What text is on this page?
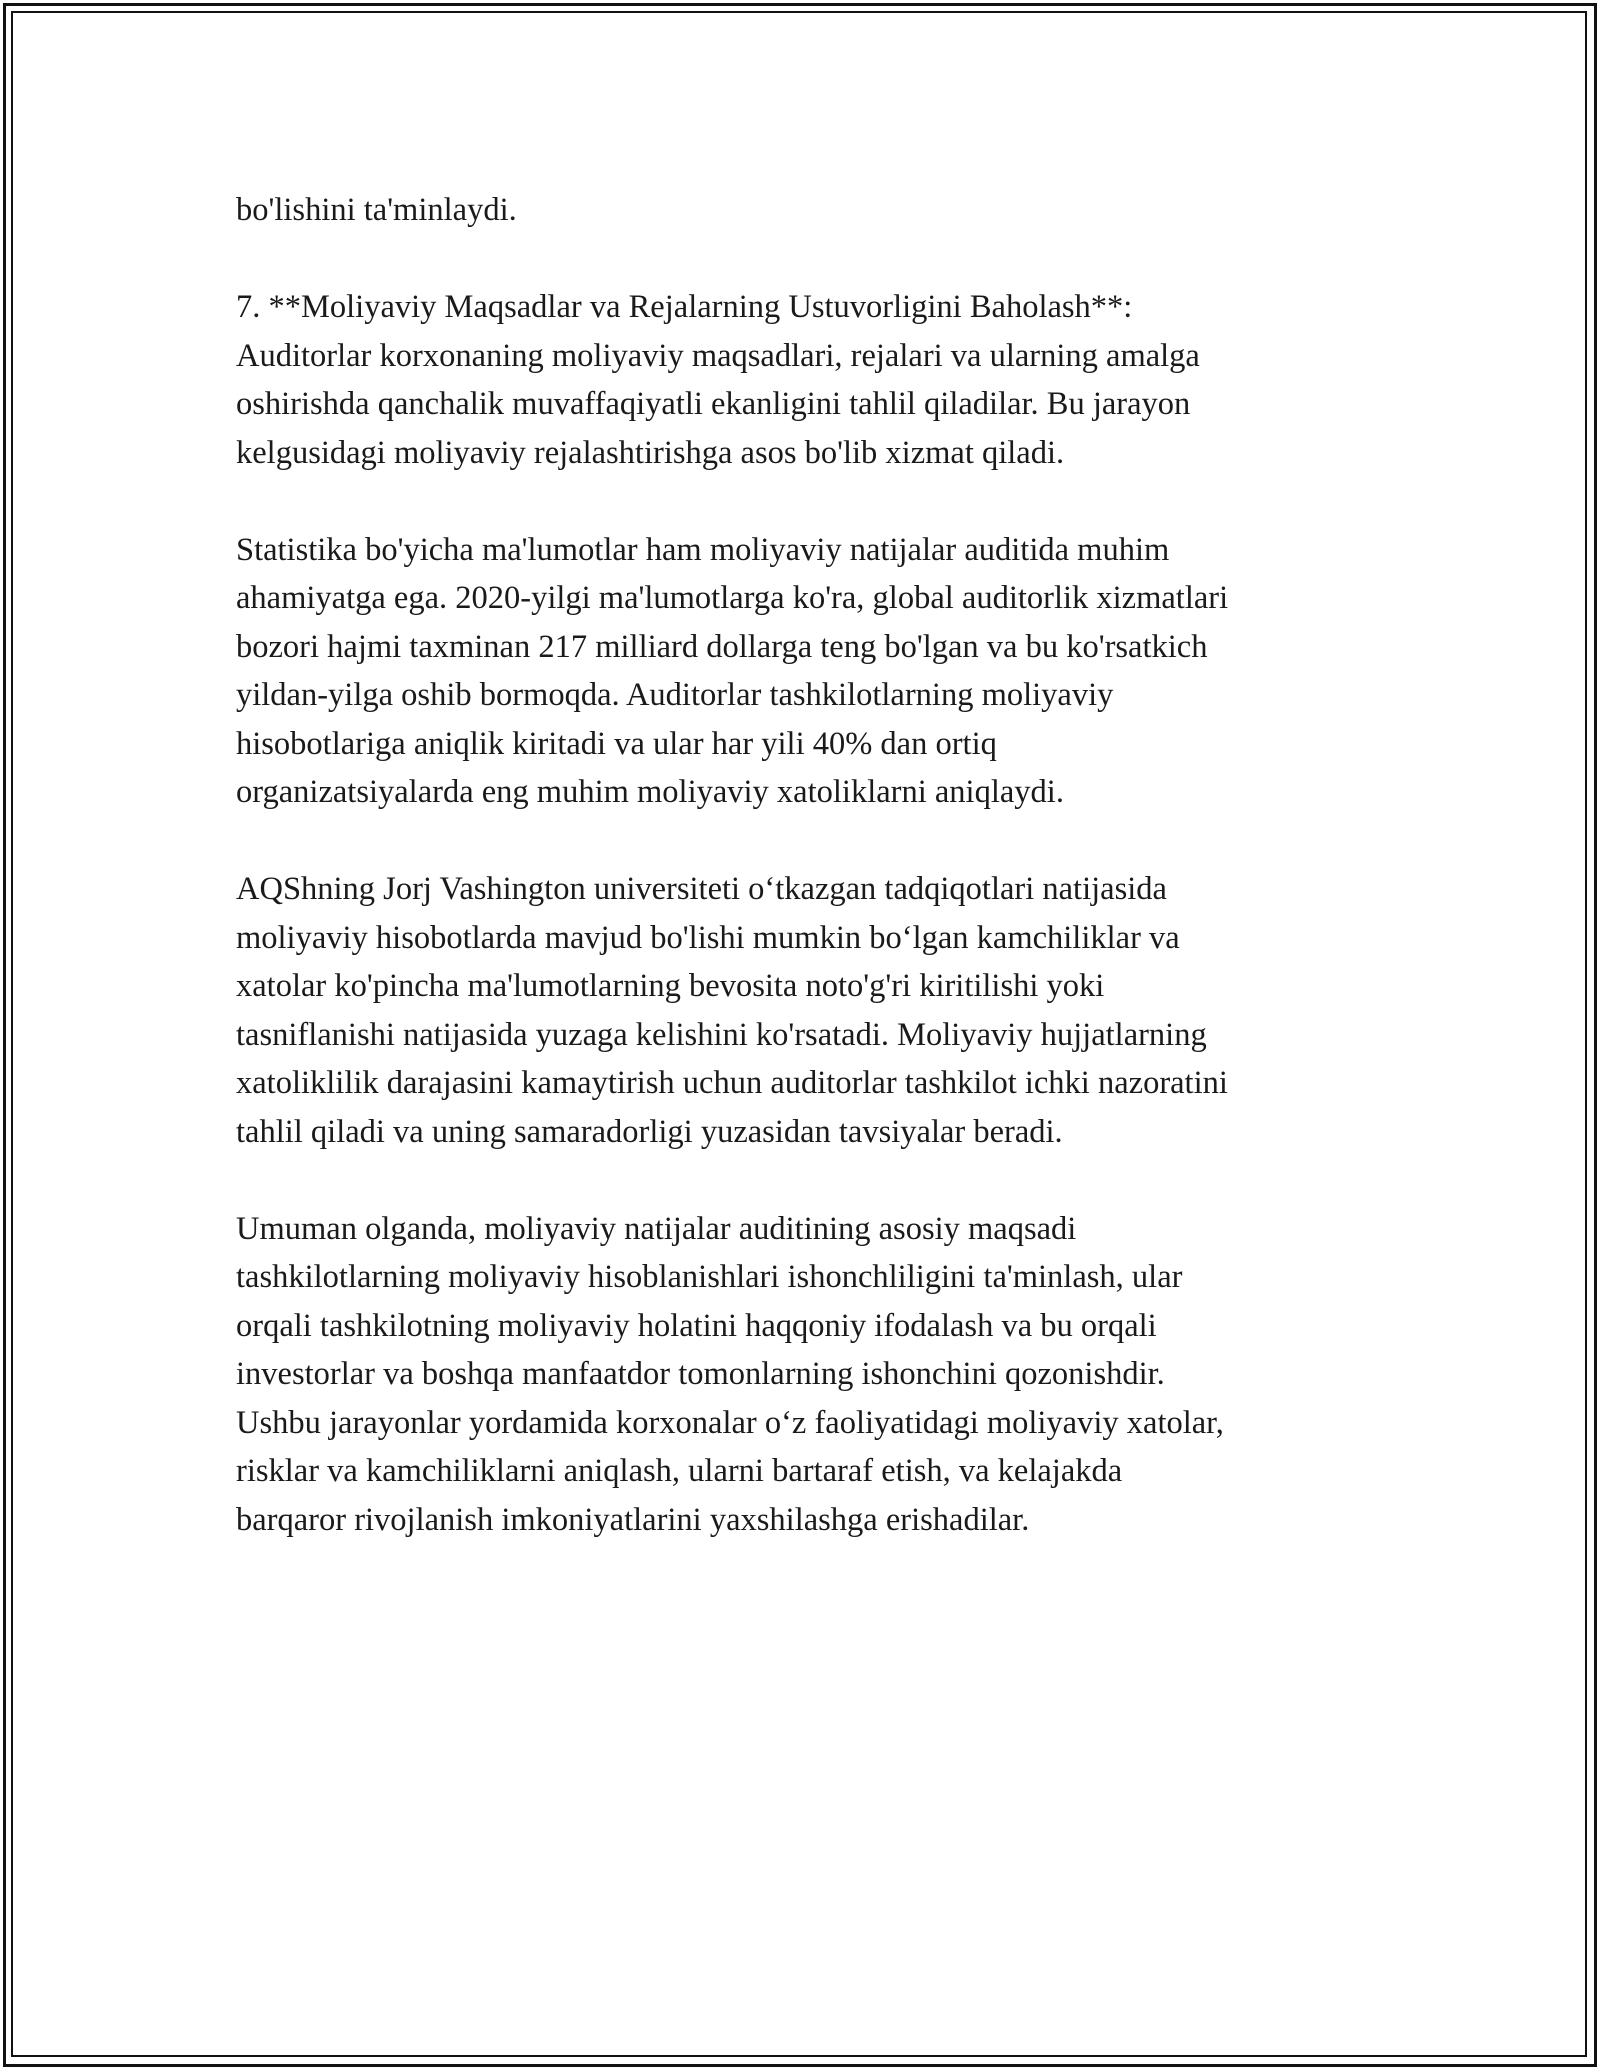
bo'lishini ta'minlaydi.
7. **Moliyaviy Maqsadlar va Rejalarning Ustuvorligini Baholash**:
Auditorlar korxonaning moliyaviy maqsadlari, rejalari va ularning amalga
oshirishda qanchalik muvaffaqiyatli ekanligini tahlil qiladilar. Bu jarayon
kelgusidagi moliyaviy rejalashtirishga asos bo'lib xizmat qiladi.
Statistika bo'yicha ma'lumotlar ham moliyaviy natijalar auditida muhim
ahamiyatga ega. 2020-yilgi ma'lumotlarga ko'ra, global auditorlik xizmatlari
bozori hajmi taxminan 217 milliard dollarga teng bo'lgan va bu ko'rsatkich
yildan-yilga oshib bormoqda. Auditorlar tashkilotlarning moliyaviy
hisobotlariga aniqlik kiritadi va ular har yili 40% dan ortiq
organizatsiyalarda eng muhim moliyaviy xatoliklarni aniqlaydi.
AQShning Jorj Vashington universiteti o‘tkazgan tadqiqotlari natijasida
moliyaviy hisobotlarda mavjud bo'lishi mumkin bo‘lgan kamchiliklar va
xatolar ko'pincha ma'lumotlarning bevosita noto'g'ri kiritilishi yoki
tasniflanishi natijasida yuzaga kelishini ko'rsatadi. Moliyaviy hujjatlarning
xatoliklilik darajasini kamaytirish uchun auditorlar tashkilot ichki nazoratini
tahlil qiladi va uning samaradorligi yuzasidan tavsiyalar beradi.
Umuman olganda, moliyaviy natijalar auditining asosiy maqsadi
tashkilotlarning moliyaviy hisoblanishlari ishonchliligini ta'minlash, ular
orqali tashkilotning moliyaviy holatini haqqoniy ifodalash va bu orqali
investorlar va boshqa manfaatdor tomonlarning ishonchini qozonishdir.
Ushbu jarayonlar yordamida korxonalar o‘z faoliyatidagi moliyaviy xatolar,
risklar va kamchiliklarni aniqlash, ularni bartaraf etish, va kelajakda
barqaror rivojlanish imkoniyatlarini yaxshilashga erishadilar.
